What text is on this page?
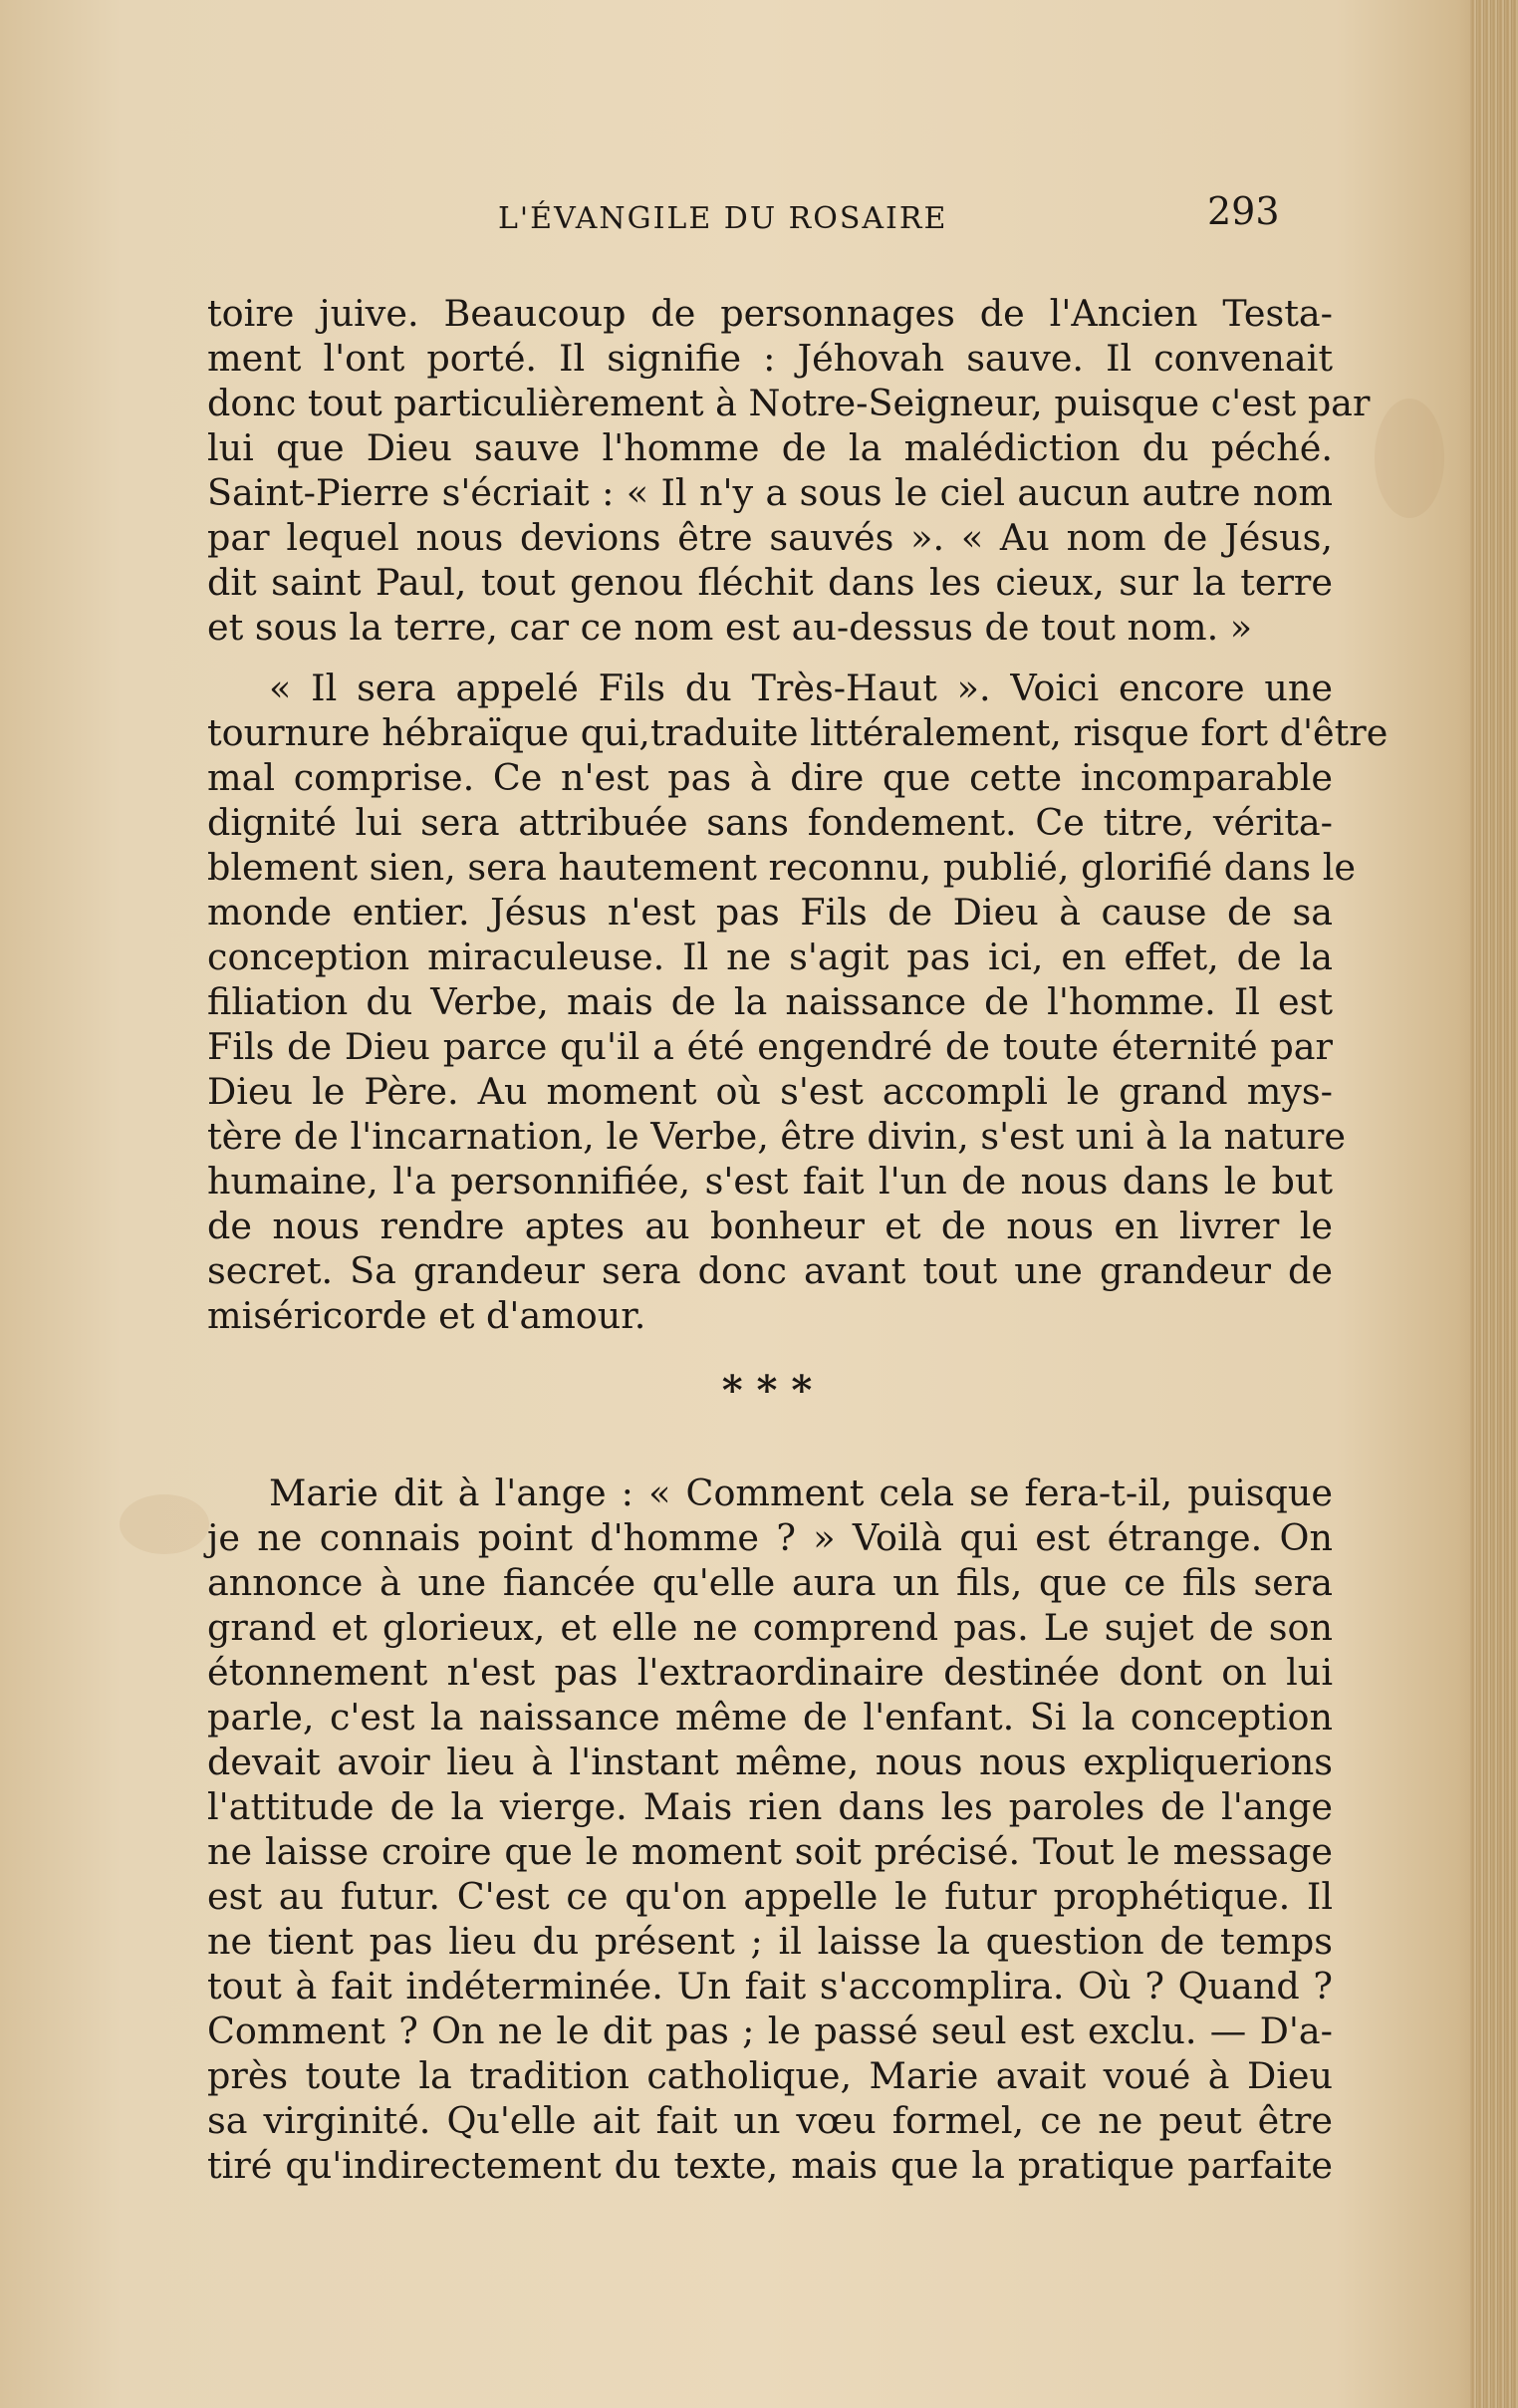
L'ÉVANGILE DU ROSAIRE	293
toire juive. Beaucoup de personnages de l'Ancien Testa-
ment l'ont porté. Il signifie : Jéhovah sauve. Il convenait
donc tout particulièrement à Notre-Seigneur, puisque c'est par
lui que Dieu sauve l'homme de la malédiction du péché.
Saint-Pierre s'écriait : « Il n'y a sous le ciel aucun autre nom
par lequel nous devions être sauvés ». « Au nom de Jésus,
dit saint Paul, tout genou fléchit dans les cieux, sur la terre
et sous la terre, car ce nom est au-dessus de tout nom. »
« Il sera appelé Fils du Très-Haut ». Voici encore une
tournure hébraïque qui,traduite littéralement, risque fort d'être
mal comprise. Ce n'est pas à dire que cette incomparable
dignité lui sera attribuée sans fondement. Ce titre, vérita-
blement sien, sera hautement reconnu, publié, glorifié dans le
monde entier. Jésus n'est pas Fils de Dieu à cause de sa
conception miraculeuse. Il ne s'agit pas ici, en effet, de la
filiation du Verbe, mais de la naissance de l'homme. Il est
Fils de Dieu parce qu'il a été engendré de toute éternité par
Dieu le Père. Au moment où s'est accompli le grand mys-
tère de l'incarnation, le Verbe, être divin, s'est uni à la nature
humaine, l'a personnifiée, s'est fait l'un de nous dans le but
de nous rendre aptes au bonheur et de nous en livrer le
secret. Sa grandeur sera donc avant tout une grandeur de
miséricorde et d'amour.
* * *
Marie dit à l'ange : « Comment cela se fera-t-il, puisque
je ne connais point d'homme ? » Voilà qui est étrange. On
annonce à une fiancée qu'elle aura un fils, que ce fils sera
grand et glorieux, et elle ne comprend pas. Le sujet de son
étonnement n'est pas l'extraordinaire destinée dont on lui
parle, c'est la naissance même de l'enfant. Si la conception
devait avoir lieu à l'instant même, nous nous expliquerions
l'attitude de la vierge. Mais rien dans les paroles de l'ange
ne laisse croire que le moment soit précisé. Tout le message
est au futur. C'est ce qu'on appelle le futur prophétique. Il
ne tient pas lieu du présent ; il laisse la question de temps
tout à fait indéterminée. Un fait s'accomplira. Où ? Quand ?
Comment ? On ne le dit pas ; le passé seul est exclu. — D'a-
près toute la tradition catholique, Marie avait voué à Dieu
sa virginité. Qu'elle ait fait un vœu formel, ce ne peut être
tiré qu'indirectement du texte, mais que la pratique parfaite
